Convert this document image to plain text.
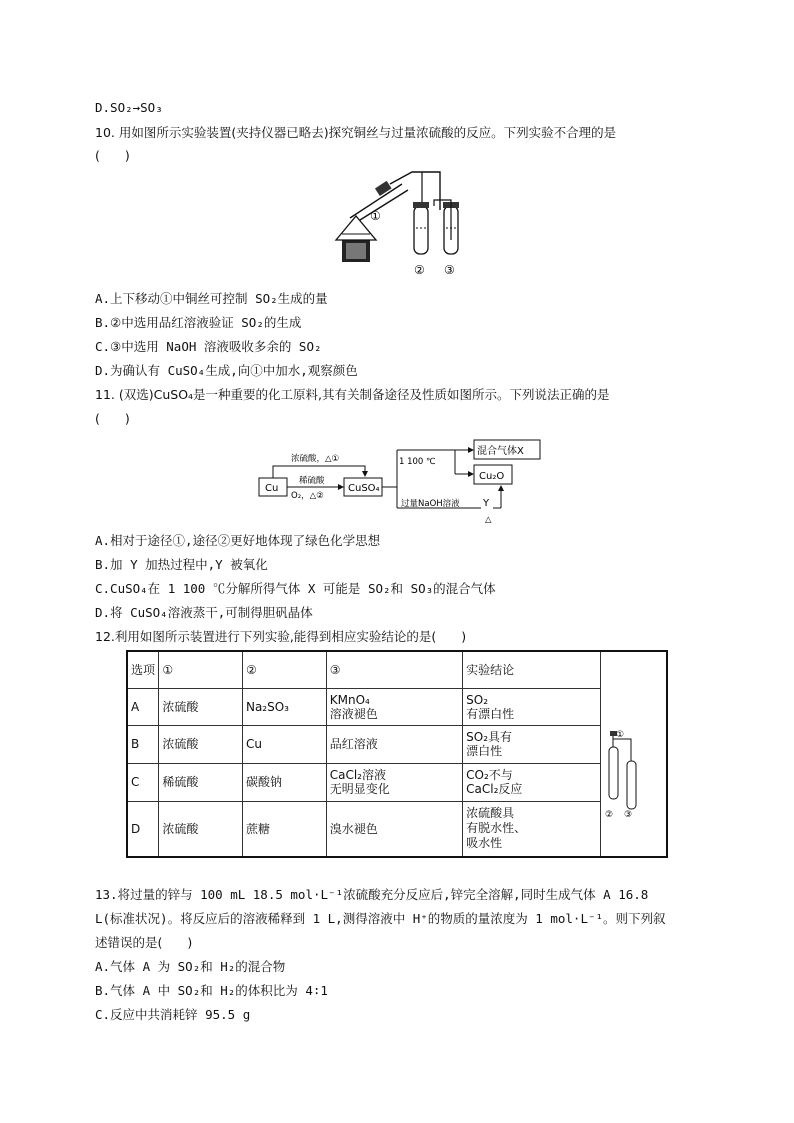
D.SO₂→SO₃
10. 用如图所示实验装置(夹持仪器已略去)探究铜丝与过量浓硫酸的反应。下列实验不合理的是
(　　)
①
② ③
A.上下移动①中铜丝可控制 SO₂生成的量
B.②中选用品红溶液验证 SO₂的生成
C.③中选用 NaOH 溶液吸收多余的 SO₂
D.为确认有 CuSO₄生成,向①中加水,观察颜色
11. (双选)CuSO₄是一种重要的化工原料,其有关制备途径及性质如图所示。下列说法正确的是
(　　)
Cu
浓硫酸，△①
稀硫酸
O₂，△②
CuSO₄
1 100 ℃
混合气体X
Cu₂O
过量NaOH溶液 Y
△
A.相对于途径①,途径②更好地体现了绿色化学思想
B.加 Y 加热过程中,Y 被氧化
C.CuSO₄在 1 100 ℃分解所得气体 X 可能是 SO₂和 SO₃的混合气体
D.将 CuSO₄溶液蒸干,可制得胆矾晶体
12.利用如图所示装置进行下列实验,能得到相应实验结论的是(　　)
选项	①	②	③	实验结论	①
② ③

A	浓硫酸	Na₂SO₃	KMnO₄
溶液褪色	SO₂
有漂白性	
B	浓硫酸	Cu	品红溶液	SO₂具有
漂白性	
C	稀硫酸	碳酸钠	CaCl₂溶液
无明显变化	CO₂不与
CaCl₂反应	
D	浓硫酸	蔗糖	溴水褪色	浓硫酸具
有脱水性、
吸水性	
13.将过量的锌与 100 mL 18.5 mol·L⁻¹浓硫酸充分反应后,锌完全溶解,同时生成气体 A 16.8
L(标准状况)。将反应后的溶液稀释到 1 L,测得溶液中 H⁺的物质的量浓度为 1 mol·L⁻¹。则下列叙
述错误的是(　　)
A.气体 A 为 SO₂和 H₂的混合物
B.气体 A 中 SO₂和 H₂的体积比为 4∶1
C.反应中共消耗锌 95.5 g
